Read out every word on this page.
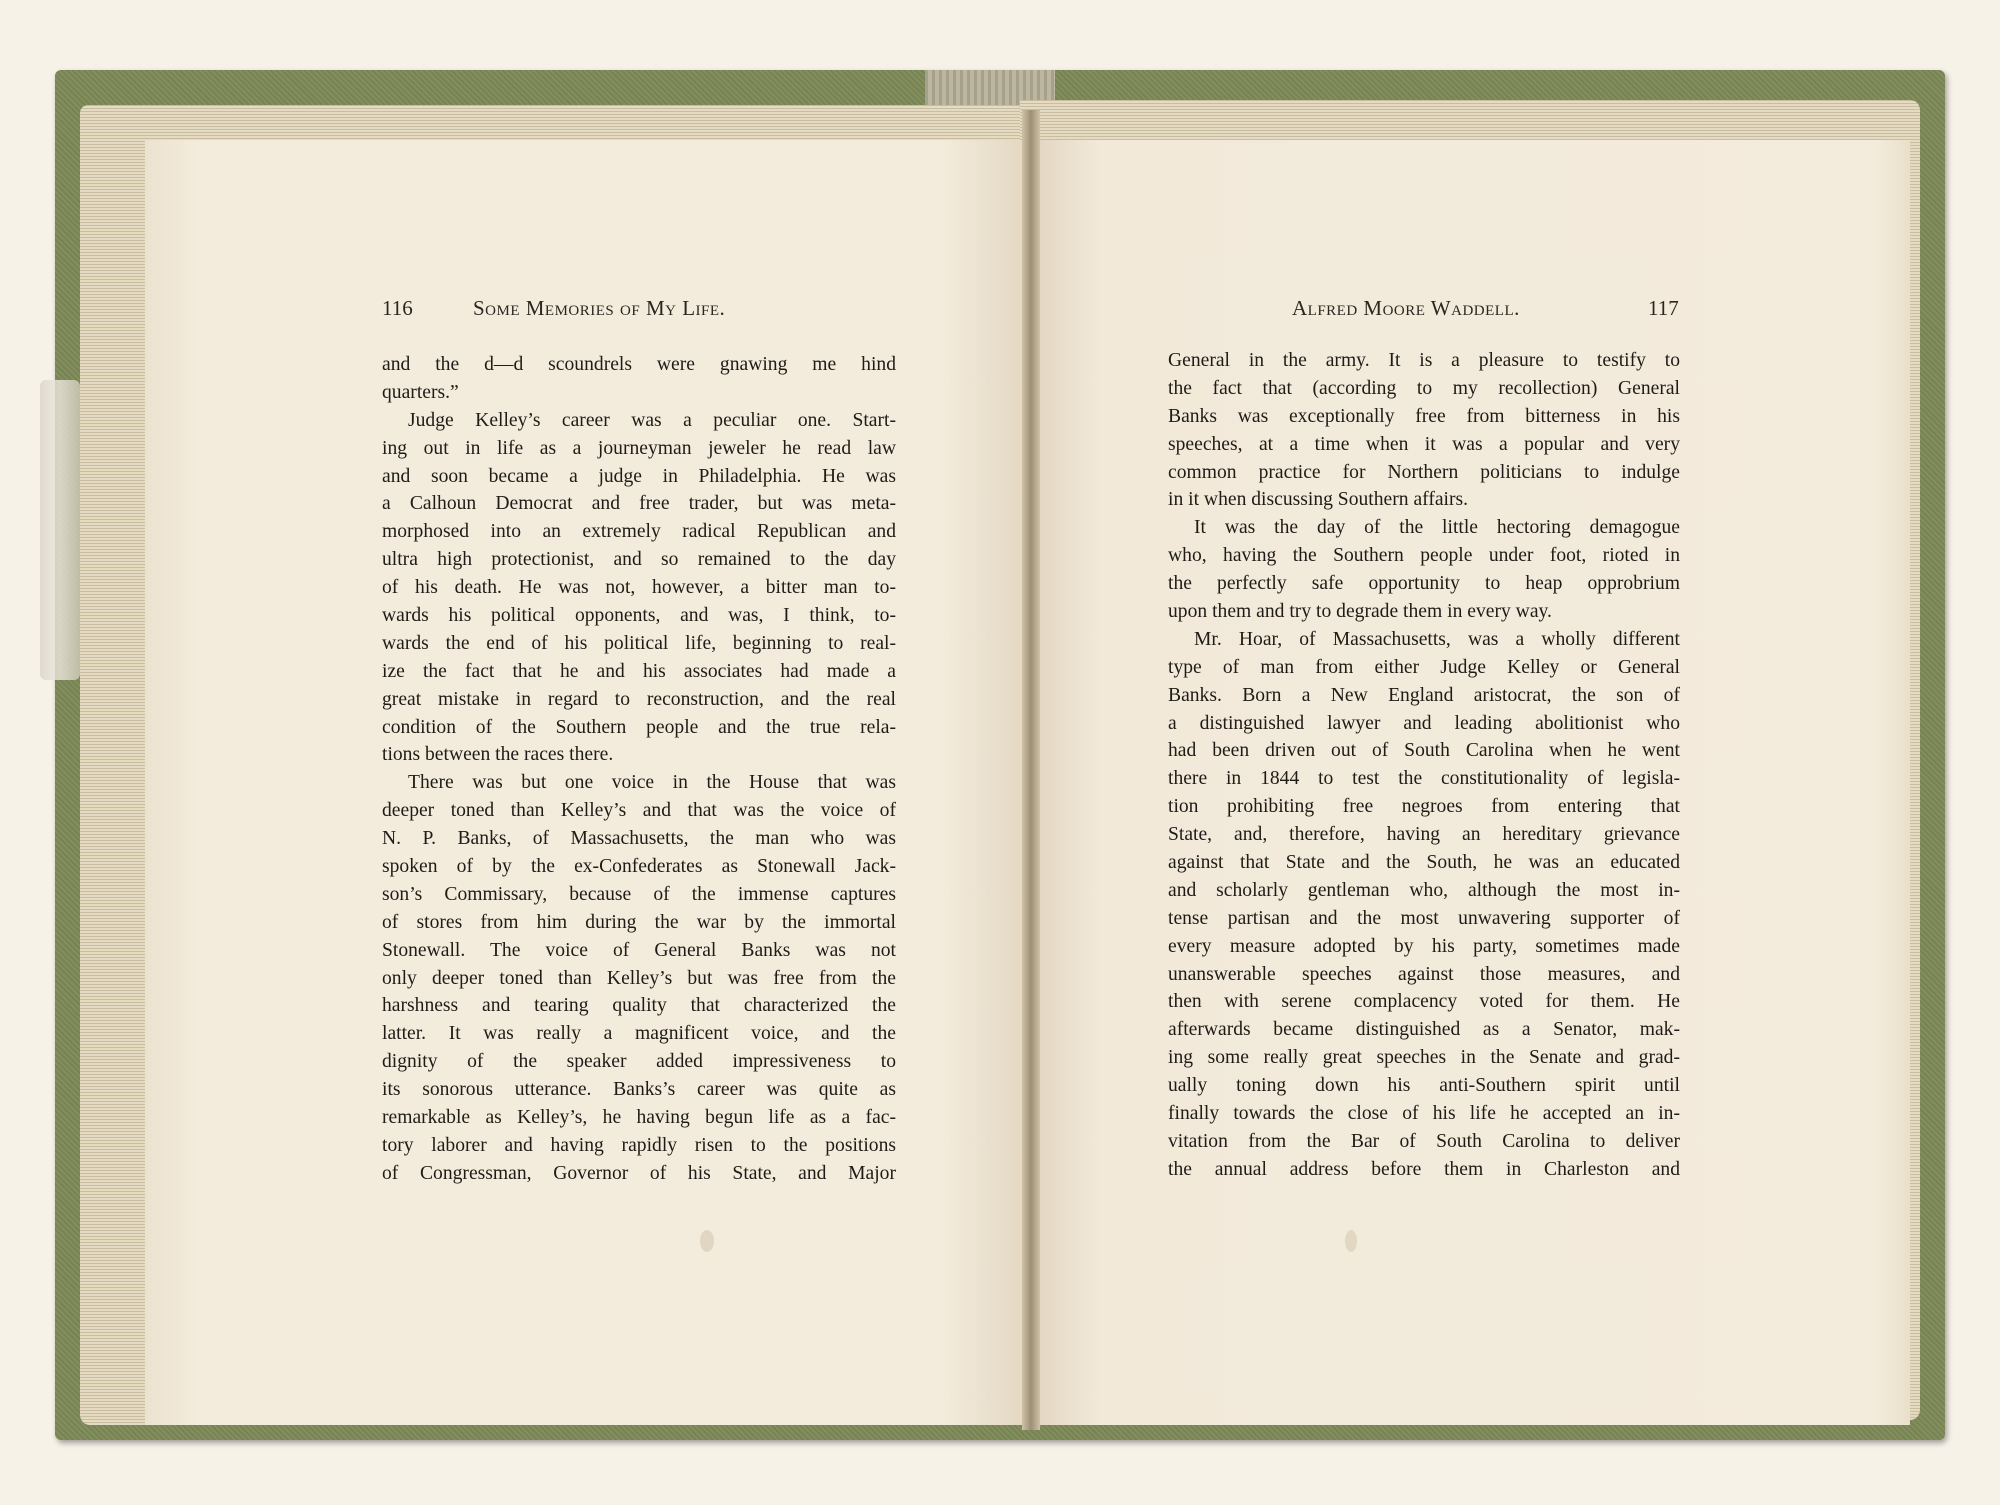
116	Some Memories of My Life.	Alfred Moore Waddell.	117
and the d—d scoundrels were gnawing me hind
quarters.”
Judge Kelley’s career was a peculiar one. Start-
ing out in life as a journeyman jeweler he read law
and soon became a judge in Philadelphia. He was
a Calhoun Democrat and free trader, but was meta-
morphosed into an extremely radical Republican and
ultra high protectionist, and so remained to the day
of his death. He was not, however, a bitter man to-
wards his political opponents, and was, I think, to-
wards the end of his political life, beginning to real-
ize the fact that he and his associates had made a
great mistake in regard to reconstruction, and the real
condition of the Southern people and the true rela-
tions between the races there.
There was but one voice in the House that was
deeper toned than Kelley’s and that was the voice of
N. P. Banks, of Massachusetts, the man who was
spoken of by the ex-Confederates as Stonewall Jack-
son’s Commissary, because of the immense captures
of stores from him during the war by the immortal
Stonewall. The voice of General Banks was not
only deeper toned than Kelley’s but was free from the
harshness and tearing quality that characterized the
latter. It was really a magnificent voice, and the
dignity of the speaker added impressiveness to
its sonorous utterance. Banks’s career was quite as
remarkable as Kelley’s, he having begun life as a fac-
tory laborer and having rapidly risen to the positions
of Congressman, Governor of his State, and Major
General in the army. It is a pleasure to testify to
the fact that (according to my recollection) General
Banks was exceptionally free from bitterness in his
speeches, at a time when it was a popular and very
common practice for Northern politicians to indulge
in it when discussing Southern affairs.
It was the day of the little hectoring demagogue
who, having the Southern people under foot, rioted in
the perfectly safe opportunity to heap opprobrium
upon them and try to degrade them in every way.
Mr. Hoar, of Massachusetts, was a wholly different
type of man from either Judge Kelley or General
Banks. Born a New England aristocrat, the son of
a distinguished lawyer and leading abolitionist who
had been driven out of South Carolina when he went
there in 1844 to test the constitutionality of legisla-
tion prohibiting free negroes from entering that
State, and, therefore, having an hereditary grievance
against that State and the South, he was an educated
and scholarly gentleman who, although the most in-
tense partisan and the most unwavering supporter of
every measure adopted by his party, sometimes made
unanswerable speeches against those measures, and
then with serene complacency voted for them. He
afterwards became distinguished as a Senator, mak-
ing some really great speeches in the Senate and grad-
ually toning down his anti-Southern spirit until
finally towards the close of his life he accepted an in-
vitation from the Bar of South Carolina to deliver
the annual address before them in Charleston and
